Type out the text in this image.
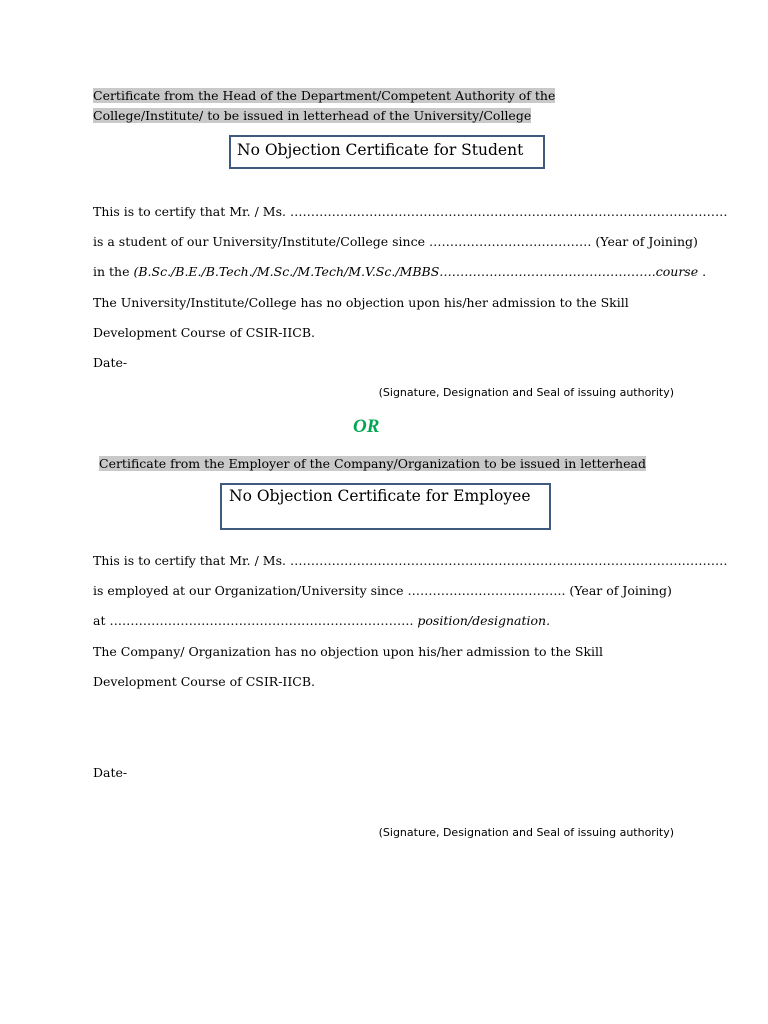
Certificate from the Head of the Department/Competent Authority of the
College/Institute/ to be issued in letterhead of the University/College
No Objection Certificate for Student
This is to certify that Mr. / Ms. ……………………………………………………………………………………………
is a student of our University/Institute/College since ………………………………… (Year of Joining)
in the (B.Sc./B.E./B.Tech./M.Sc./M.Tech/M.V.Sc./MBBS…………………………………………….course .
The University/Institute/College has no objection upon his/her admission to the Skill
Development Course of CSIR-IICB.
Date-
(Signature, Designation and Seal of issuing authority)
OR
Certificate from the Employer of the Company/Organization to be issued in letterhead
No Objection Certificate for Employee
This is to certify that Mr. / Ms. ……………………………………………………………………………………………
is employed at our Organization/University since ……………………………….. (Year of Joining)
at ………………………………………………………………. position/designation.
The Company/ Organization has no objection upon his/her admission to the Skill
Development Course of CSIR-IICB.
Date-
(Signature, Designation and Seal of issuing authority)
